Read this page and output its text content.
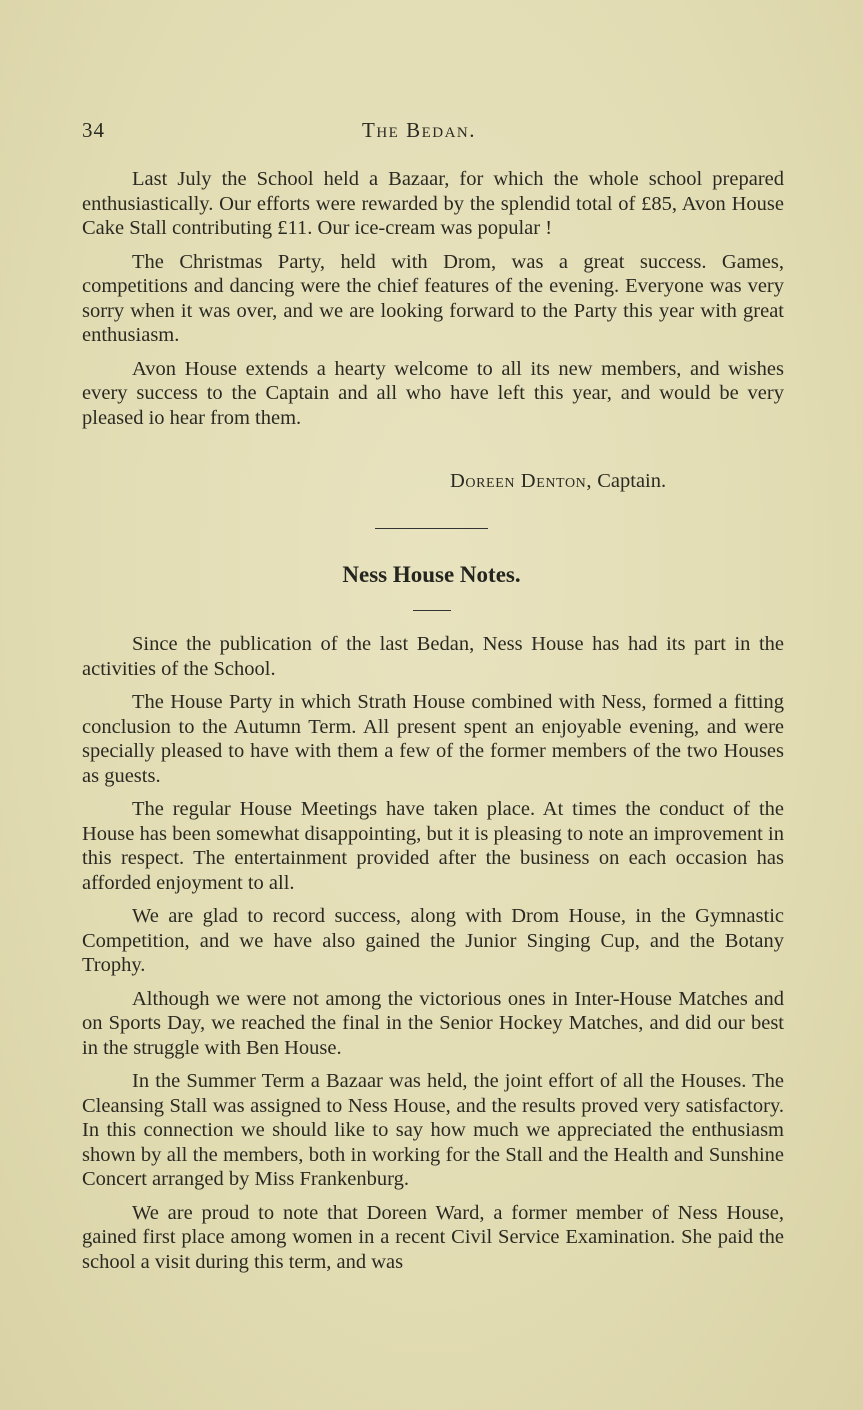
34	The Bedan.

Last July the School held a Bazaar, for which the whole school prepared enthusiastically. Our efforts were rewarded by the splendid total of £85, Avon House Cake Stall contributing £11. Our ice-cream was popular !

The Christmas Party, held with Drom, was a great success. Games, competitions and dancing were the chief features of the evening. Everyone was very sorry when it was over, and we are looking forward to the Party this year with great enthusiasm.

Avon House extends a hearty welcome to all its new members, and wishes every success to the Captain and all who have left this year, and would be very pleased io hear from them.

Doreen Denton, Captain.
Ness House Notes.

Since the publication of the last Bedan, Ness House has had its part in the activities of the School.

The House Party in which Strath House combined with Ness, formed a fitting conclusion to the Autumn Term. All present spent an enjoyable evening, and were specially pleased to have with them a few of the former members of the two Houses as guests.

The regular House Meetings have taken place. At times the conduct of the House has been somewhat disappointing, but it is pleasing to note an improvement in this respect. The entertainment provided after the business on each occasion has afforded enjoyment to all.

We are glad to record success, along with Drom House, in the Gymnastic Competition, and we have also gained the Junior Singing Cup, and the Botany Trophy.

Although we were not among the victorious ones in Inter-House Matches and on Sports Day, we reached the final in the Senior Hockey Matches, and did our best in the struggle with Ben House.

In the Summer Term a Bazaar was held, the joint effort of all the Houses. The Cleansing Stall was assigned to Ness House, and the results proved very satisfactory. In this connection we should like to say how much we appreciated the enthusiasm shown by all the members, both in working for the Stall and the Health and Sunshine Concert arranged by Miss Frankenburg.

We are proud to note that Doreen Ward, a former member of Ness House, gained first place among women in a recent Civil Service Examination. She paid the school a visit during this term, and was
